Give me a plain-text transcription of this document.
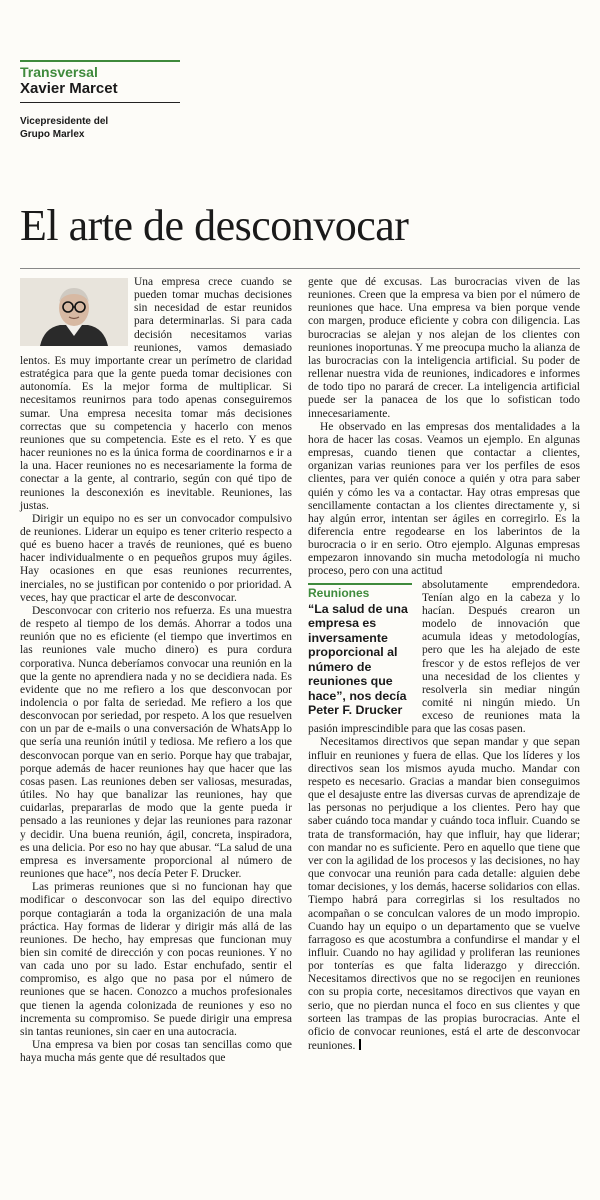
Transversal
Xavier Marcet
Vicepresidente del
Grupo Marlex
El arte de desconvocar

Una empresa crece cuando se pueden tomar muchas decisiones sin necesidad de estar reunidos para determinarlas. Si para cada decisión necesitamos varias reuniones, vamos demasiado lentos. Es muy importante crear un perímetro de claridad estratégica para que la gente pueda tomar decisiones con autonomía. Es la mejor forma de multiplicar. Si necesitamos reunirnos para todo apenas conseguiremos sumar. Una empresa necesita tomar más decisiones correctas que su competencia y hacerlo con menos reuniones que su competencia. Este es el reto. Y es que hacer reuniones no es la única forma de coordinarnos e ir a la una. Hacer reuniones no es necesariamente la forma de conectar a la gente, al contrario, según con qué tipo de reuniones la desconexión es inevitable. Reuniones, las justas.

Dirigir un equipo no es ser un convocador compulsivo de reuniones. Liderar un equipo es tener criterio respecto a qué es bueno hacer a través de reuniones, qué es bueno hacer individualmente o en pequeños grupos muy ágiles. Hay ocasiones en que esas reuniones recurrentes, inerciales, no se justifican por contenido o por prioridad. A veces, hay que practicar el arte de desconvocar.

Desconvocar con criterio nos refuerza. Es una muestra de respeto al tiempo de los demás. Ahorrar a todos una reunión que no es eficiente (el tiempo que invertimos en las reuniones vale mucho dinero) es pura cordura corporativa. Nunca deberíamos convocar una reunión en la que la gente no aprendiera nada y no se decidiera nada. Es evidente que no me refiero a los que desconvocan por indolencia o por falta de seriedad. Me refiero a los que desconvocan por seriedad, por respeto. A los que resuelven con un par de e-mails o una conversación de WhatsApp lo que sería una reunión inútil y tediosa. Me refiero a los que desconvocan porque van en serio. Porque hay que trabajar, porque además de hacer reuniones hay que hacer que las cosas pasen. Las reuniones deben ser valiosas, mesuradas, útiles. No hay que banalizar las reuniones, hay que cuidarlas, prepararlas de modo que la gente pueda ir pensado a las reuniones y dejar las reuniones para razonar y decidir. Una buena reunión, ágil, concreta, inspiradora, es una delicia. Por eso no hay que abusar. “La salud de una empresa es inversamente proporcional al número de reuniones que hace”, nos decía Peter F. Drucker.

Las primeras reuniones que si no funcionan hay que modificar o desconvocar son las del equipo directivo porque contagiarán a toda la organización de una mala práctica. Hay formas de liderar y dirigir más allá de las reuniones. De hecho, hay empresas que funcionan muy bien sin comité de dirección y con pocas reuniones. Y no van cada uno por su lado. Estar enchufado, sentir el compromiso, es algo que no pasa por el número de reuniones que se hacen. Conozco a muchos profesionales que tienen la agenda colonizada de reuniones y eso no incrementa su compromiso. Se puede dirigir una empresa sin tantas reuniones, sin caer en una autocracia.

Una empresa va bien por cosas tan sencillas como que haya mucha más gente que dé resultados que

gente que dé excusas. Las burocracias viven de las reuniones. Creen que la empresa va bien por el número de reuniones que hace. Una empresa va bien porque vende con margen, produce eficiente y cobra con diligencia. Las burocracias se alejan y nos alejan de los clientes con reuniones inoportunas. Y me preocupa mucho la alianza de las burocracias con la inteligencia artificial. Su poder de rellenar nuestra vida de reuniones, indicadores e informes de todo tipo no parará de crecer. La inteligencia artificial puede ser la panacea de los que lo sofistican todo innecesariamente.

He observado en las empresas dos mentalidades a la hora de hacer las cosas. Veamos un ejemplo. En algunas empresas, cuando tienen que contactar a clientes, organizan varias reuniones para ver los perfiles de esos clientes, para ver quién conoce a quién y otra para saber quién y cómo les va a contactar. Hay otras empresas que sencillamente contactan a los clientes directamente y, si hay algún error, intentan ser ágiles en corregirlo. Es la diferencia entre regodearse en los laberintos de la burocracia o ir en serio. Otro ejemplo. Algunas empresas empezaron innovando sin mucha metodología ni mucho proceso, pero con una actitud

Reuniones
“La salud de una empresa es inversamente proporcional al número de reuniones que hace”, nos decía Peter F. Drucker

absolutamente emprendedora. Tenían algo en la cabeza y lo hacían. Después crearon un modelo de innovación que acumula ideas y metodologías, pero que les ha alejado de este frescor y de estos reflejos de ver una necesidad de los clientes y resolverla sin mediar ningún comité ni ningún miedo. Un exceso de reuniones mata la pasión imprescindible para que las cosas pasen.

Necesitamos directivos que sepan mandar y que sepan influir en reuniones y fuera de ellas. Que los líderes y los directivos sean los mismos ayuda mucho. Mandar con respeto es necesario. Gracias a mandar bien conseguimos que el desajuste entre las diversas curvas de aprendizaje de las personas no perjudique a los clientes. Pero hay que saber cuándo toca mandar y cuándo toca influir. Cuando se trata de transformación, hay que influir, hay que liderar; con mandar no es suficiente. Pero en aquello que tiene que ver con la agilidad de los procesos y las decisiones, no hay que convocar una reunión para cada detalle: alguien debe tomar decisiones, y los demás, hacerse solidarios con ellas. Tiempo habrá para corregirlas si los resultados no acompañan o se conculcan valores de un modo impropio. Cuando hay un equipo o un departamento que se vuelve farragoso es que acostumbra a confundirse el mandar y el influir. Cuando no hay agilidad y proliferan las reuniones por tonterías es que falta liderazgo y dirección. Necesitamos directivos que no se regocijen en reuniones con su propia corte, necesitamos directivos que vayan en serio, que no pierdan nunca el foco en sus clientes y que sorteen las trampas de las propias burocracias. Ante el oficio de convocar reuniones, está el arte de desconvocar reuniones.
